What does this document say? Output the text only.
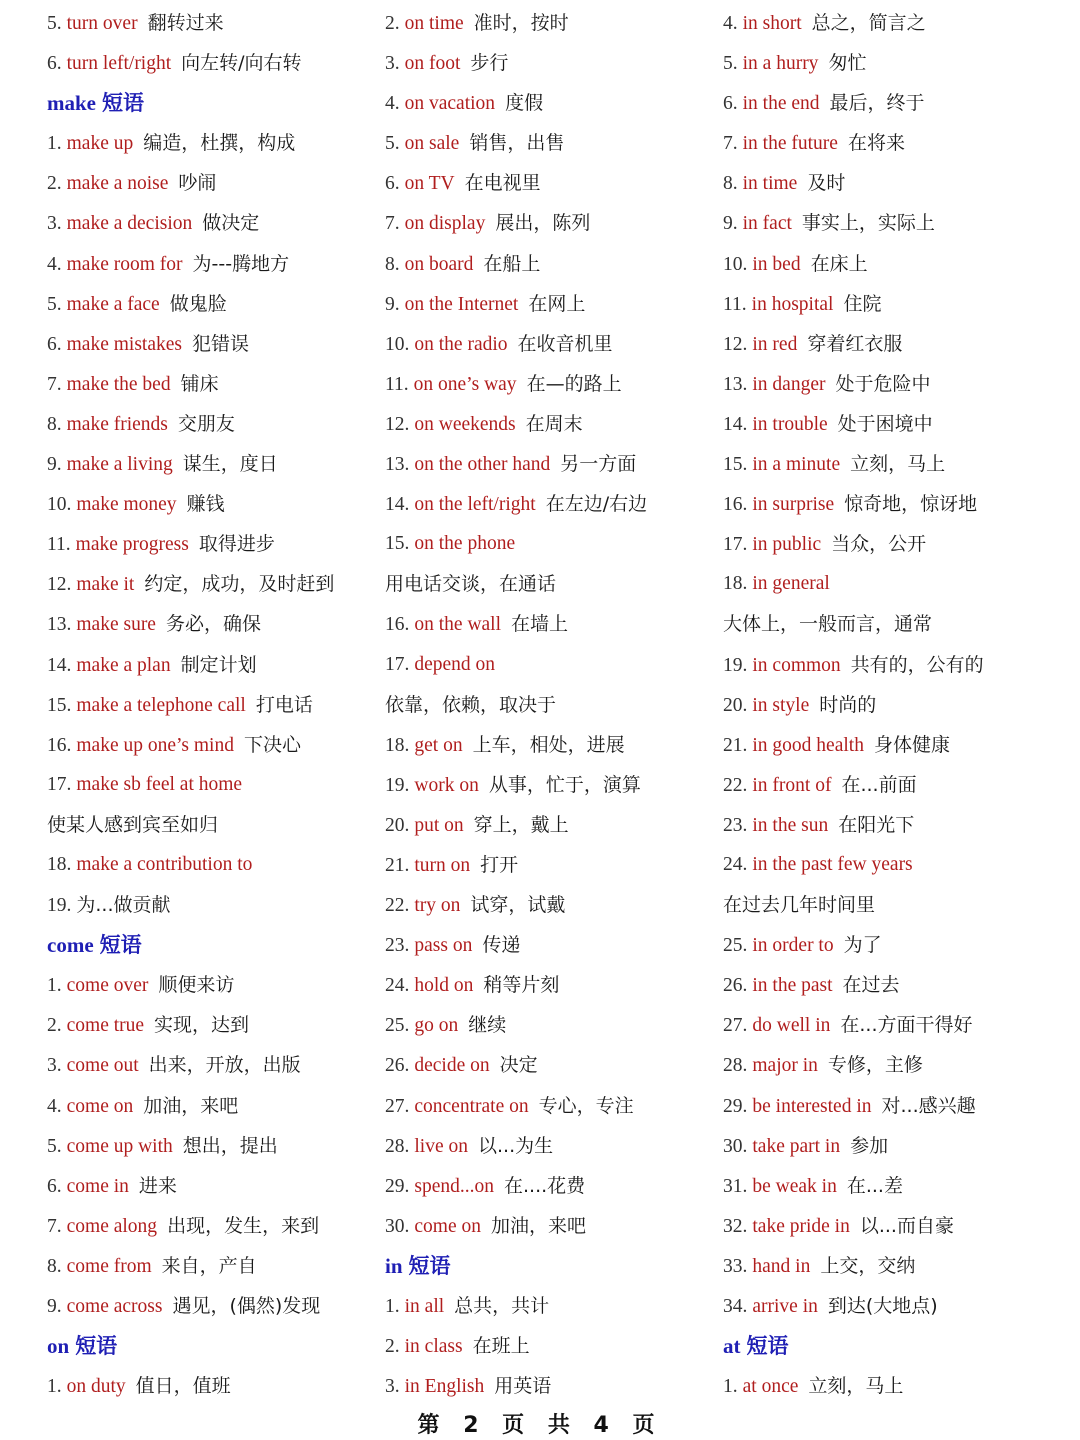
5. turn over 翻转过来
6. turn left/right 向左转/向右转
make 短语
1. make up 编造，杜撰，构成
2. make a noise 吵闹
3. make a decision 做决定
4. make room for 为---腾地方
5. make a face 做鬼脸
6. make mistakes 犯错误
7. make the bed 铺床
8. make friends 交朋友
9. make a living 谋生，度日
10. make money 赚钱
11. make progress 取得进步
12. make it 约定，成功，及时赶到
13. make sure 务必，确保
14. make a plan 制定计划
15. make a telephone call 打电话
16. make up one’s mind 下决心
17. make sb feel at home
使某人感到宾至如归
18. make a contribution to
19. 为...做贡献
come 短语
1. come over 顺便来访
2. come true 实现，达到
3. come out 出来，开放，出版
4. come on 加油，来吧
5. come up with 想出，提出
6. come in 进来
7. come along 出现，发生，来到
8. come from 来自，产自
9. come across 遇见，(偶然)发现
on 短语
1. on duty 值日，值班
2. on time 准时，按时
3. on foot 步行
4. on vacation 度假
5. on sale 销售，出售
6. on TV 在电视里
7. on display 展出，陈列
8. on board 在船上
9. on the Internet 在网上
10. on the radio 在收音机里
11. on one’s way 在—的路上
12. on weekends 在周末
13. on the other hand 另一方面
14. on the left/right 在左边/右边
15. on the phone
用电话交谈，在通话
16. on the wall 在墙上
17. depend on
依靠，依赖，取决于
18. get on 上车，相处，进展
19. work on 从事，忙于，演算
20. put on 穿上，戴上
21. turn on 打开
22. try on 试穿，试戴
23. pass on 传递
24. hold on 稍等片刻
25. go on 继续
26. decide on 决定
27. concentrate on 专心，专注
28. live on 以...为生
29. spend...on 在....花费
30. come on 加油，来吧
in 短语
1. in all 总共，共计
2. in class 在班上
3. in English 用英语
4. in short 总之，简言之
5. in a hurry 匆忙
6. in the end 最后，终于
7. in the future 在将来
8. in time 及时
9. in fact 事实上，实际上
10. in bed 在床上
11. in hospital 住院
12. in red 穿着红衣服
13. in danger 处于危险中
14. in trouble 处于困境中
15. in a minute 立刻，马上
16. in surprise 惊奇地，惊讶地
17. in public 当众，公开
18. in general
大体上，一般而言，通常
19. in common 共有的，公有的
20. in style 时尚的
21. in good health 身体健康
22. in front of 在...前面
23. in the sun 在阳光下
24. in the past few years
在过去几年时间里
25. in order to 为了
26. in the past 在过去
27. do well in 在...方面干得好
28. major in 专修，主修
29. be interested in 对...感兴趣
30. take part in 参加
31. be weak in 在...差
32. take pride in 以...而自豪
33. hand in 上交，交纳
34. arrive in 到达(大地点)
at 短语
1. at once 立刻，马上
第 2 页 共 4 页
